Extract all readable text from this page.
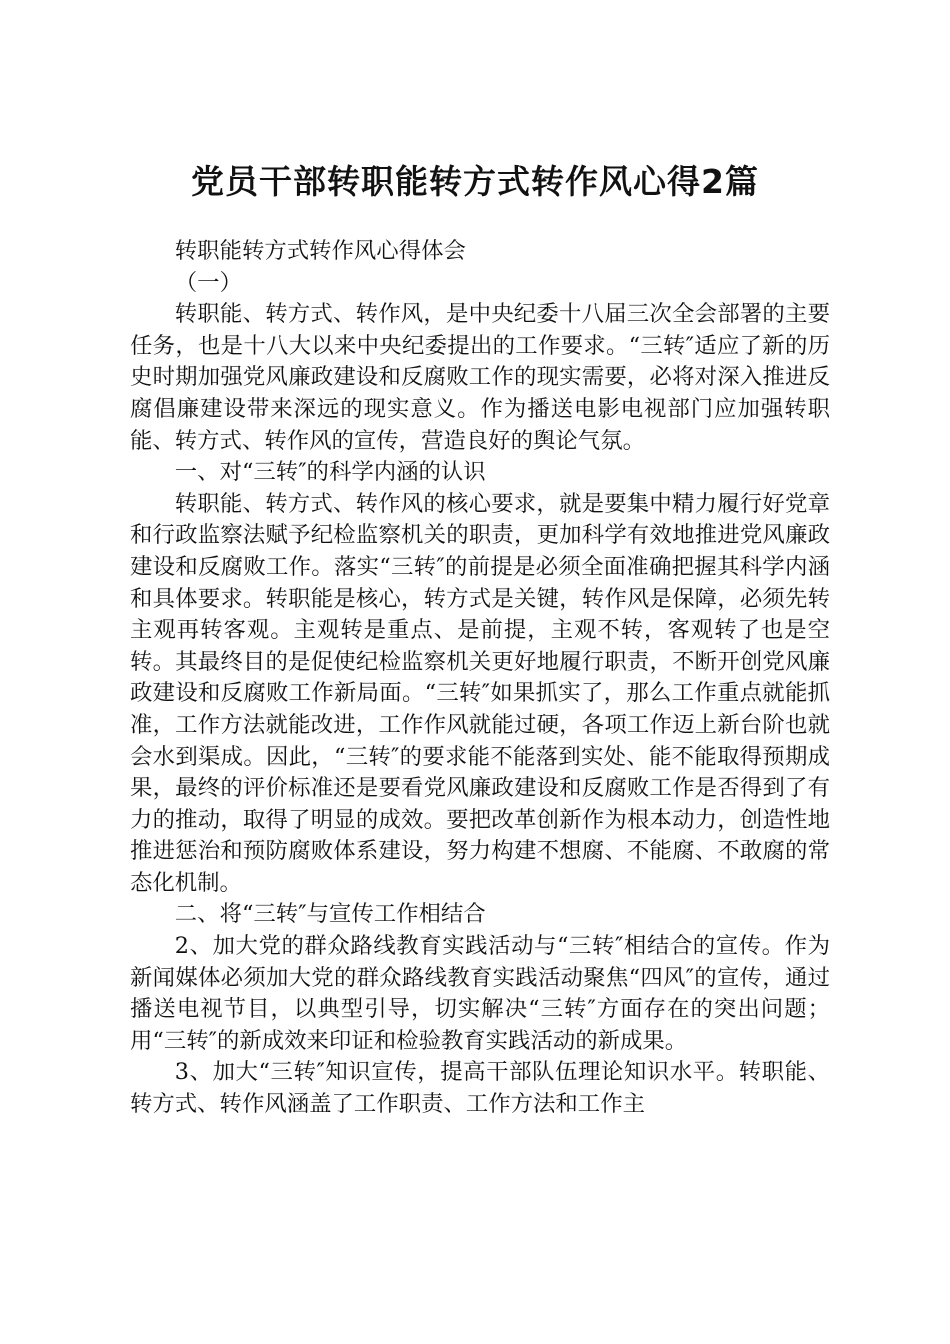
党员干部转职能转方式转作风心得2篇

转职能转方式转作风心得体会

（一）

转职能、转方式、转作风，是中央纪委十八届三次全会部署的主要任务，也是十八大以来中央纪委提出的工作要求。“三转″适应了新的历史时期加强党风廉政建设和反腐败工作的现实需要，必将对深入推进反腐倡廉建设带来深远的现实意义。作为播送电影电视部门应加强转职能、转方式、转作风的宣传，营造良好的舆论气氛。

一、对“三转″的科学内涵的认识

转职能、转方式、转作风的核心要求，就是要集中精力履行好党章和行政监察法赋予纪检监察机关的职责，更加科学有效地推进党风廉政建设和反腐败工作。落实“三转″的前提是必须全面准确把握其科学内涵和具体要求。转职能是核心，转方式是关键，转作风是保障，必须先转主观再转客观。主观转是重点、是前提，主观不转，客观转了也是空转。其最终目的是促使纪检监察机关更好地履行职责，不断开创党风廉政建设和反腐败工作新局面。“三转″如果抓实了，那么工作重点就能抓准，工作方法就能改进，工作作风就能过硬，各项工作迈上新台阶也就会水到渠成。因此，“三转″的要求能不能落到实处、能不能取得预期成果，最终的评价标准还是要看党风廉政建设和反腐败工作是否得到了有力的推动，取得了明显的成效。要把改革创新作为根本动力，创造性地推进惩治和预防腐败体系建设，努力构建不想腐、不能腐、不敢腐的常态化机制。

二、将“三转″与宣传工作相结合

2、加大党的群众路线教育实践活动与“三转″相结合的宣传。作为新闻媒体必须加大党的群众路线教育实践活动聚焦“四风″的宣传，通过播送电视节目，以典型引导，切实解决“三转″方面存在的突出问题；用“三转″的新成效来印证和检验教育实践活动的新成果。

3、加大“三转″知识宣传，提高干部队伍理论知识水平。转职能、转方式、转作风涵盖了工作职责、工作方法和工作主
